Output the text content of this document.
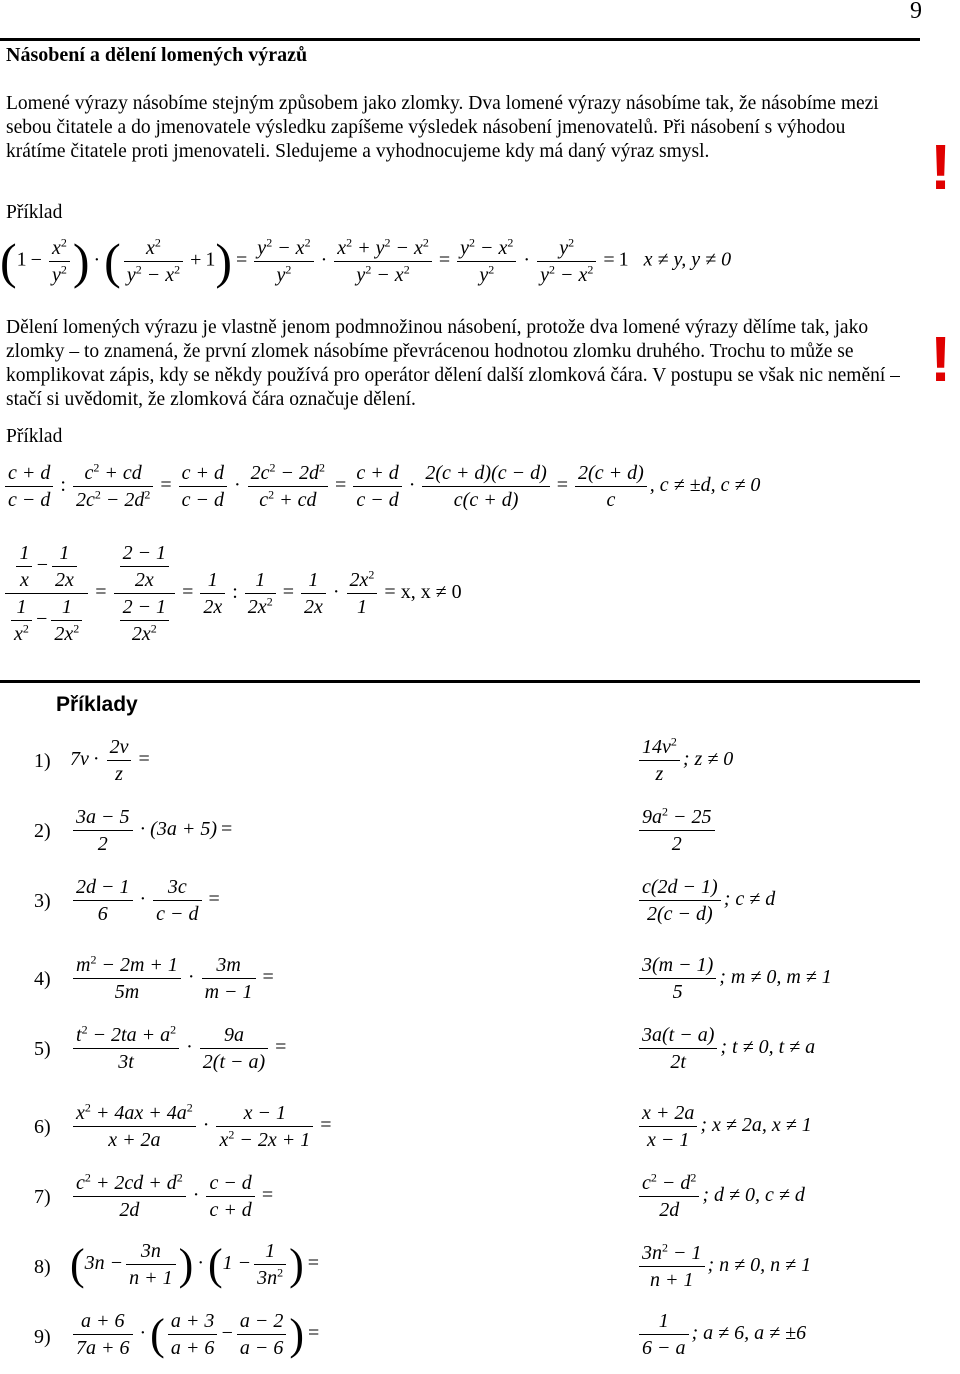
9
Násobení a dělení lomených výrazů
Lomené výrazy násobíme stejným způsobem jako zlomky. Dva lomené výrazy násobíme tak, že násobíme mezi sebou čitatele a do jmenovatele výsledku zapíšeme výsledek násobení jmenovatelů. Při násobení s výhodou krátíme čitatele proti jmenovateli. Sledujeme a vyhodnocujeme kdy má daný výraz smysl.	!
Příklad
($1 - \frac{x^2}{y^2}$ ) ·( $\frac{x^2}{y^2 - x^2} + 1) = \frac{y^2 - x^2}{y^2} \cdot \frac{x^2 + y^2 - x^2}{y^2 - x^2} = \frac{y^2 - x^2}{y^2} \cdot \frac{y^2}{y^2 - x^2} = 1$ x ≠ y, y ≠ 0
Dělení lomených výrazu je vlastně jenom podmnožinou násobení, protože dva lomené výrazy dělíme tak, jako zlomky – to znamená, že první zlomek násobíme převrácenou hodnotou zlomku druhého. Trochu to může se komplikovat zápis, kdy se někdy používá pro operátor dělení další zlomková čára. V postupu se však nic nemění – stačí si uvědomit, že zlomková čára označuje dělení.
!
Příklad
$\frac{c + d}{c - d}$ : $\frac{c^2 + cd}{2c^2 - 2d^2} = \frac{c + d}{c - d} \cdot \frac{2c^2 - 2d^2}{c^2 + cd} = \frac{c + d}{c - d} \cdot \frac{2(c + d)(c - d)}{c(c + d)} = \frac{2(c + d)}{c}$ , c ≠ ±d, c ≠ 0
$\frac{\frac{1}{x} - \frac{1}{2x}}{\frac{1}{x^2} - \frac{1}{2x^2}} = \frac{\frac{2 - 1}{2x}}{\frac{2 - 1}{2x^2}} = \frac{1}{2x}$ : $\frac{1}{2x^2} = \frac{1}{2x} \cdot \frac{2x^2}{1} = x$, x ≠ 0
Příklady
1) $7v \cdot \frac{2v}{z}$ =	$\frac{14v^2}{z}$ ; z ≠ 0
$2) \frac{3a - 5}{2} \cdot (3a + 5)$ =	$\frac{9a^2 - 25}{2}$
$3) \frac{2d - 1}{6} \cdot \frac{3c}{c - d}$ =	$\frac{c(2d - 1)}{2(c - d)}$ ; c ≠ d
$4) \frac{m^2 - 2m + 1}{5m} \cdot \frac{3m}{m - 1}$ =	$\frac{3(m - 1)}{5}$ ; m ≠ 0, m ≠ 1
$5) \frac{t^2 - 2ta + a^2}{3t} \cdot \frac{9a}{2(t - a)}$ =	$\frac{3a(t - a)}{2t}$ ; t ≠ 0, t ≠ a
$6) \frac{x^2 + 4ax + 4a^2}{x + 2a} \cdot \frac{x - 1}{x^2 - 2x + 1}$ =	$\frac{x + 2a}{x - 1}$ ; x ≠ 2a, x ≠ 1
$7) \frac{c^2 + 2cd + d^2}{2d} \cdot \frac{c - d}{c + d}$ =	$\frac{c^2 - d^2}{2d}$ ; d ≠ 0, c ≠ d
8) ($3n - \frac{3n}{n + 1}$ ) $\cdot(1 - \frac{1}{3n^2}$ ) =	$\frac{3n^2 - 1}{n + 1}$ ; n ≠ 0, n ≠ 1
$9) \frac{a + 6}{7a + 6}$ ·( $\frac{a + 3}{a + 6} - \frac{a - 2}{a - 6}$ ) =	$\frac{1}{6 - a}$ ; a ≠ 6, a ≠ ±6
